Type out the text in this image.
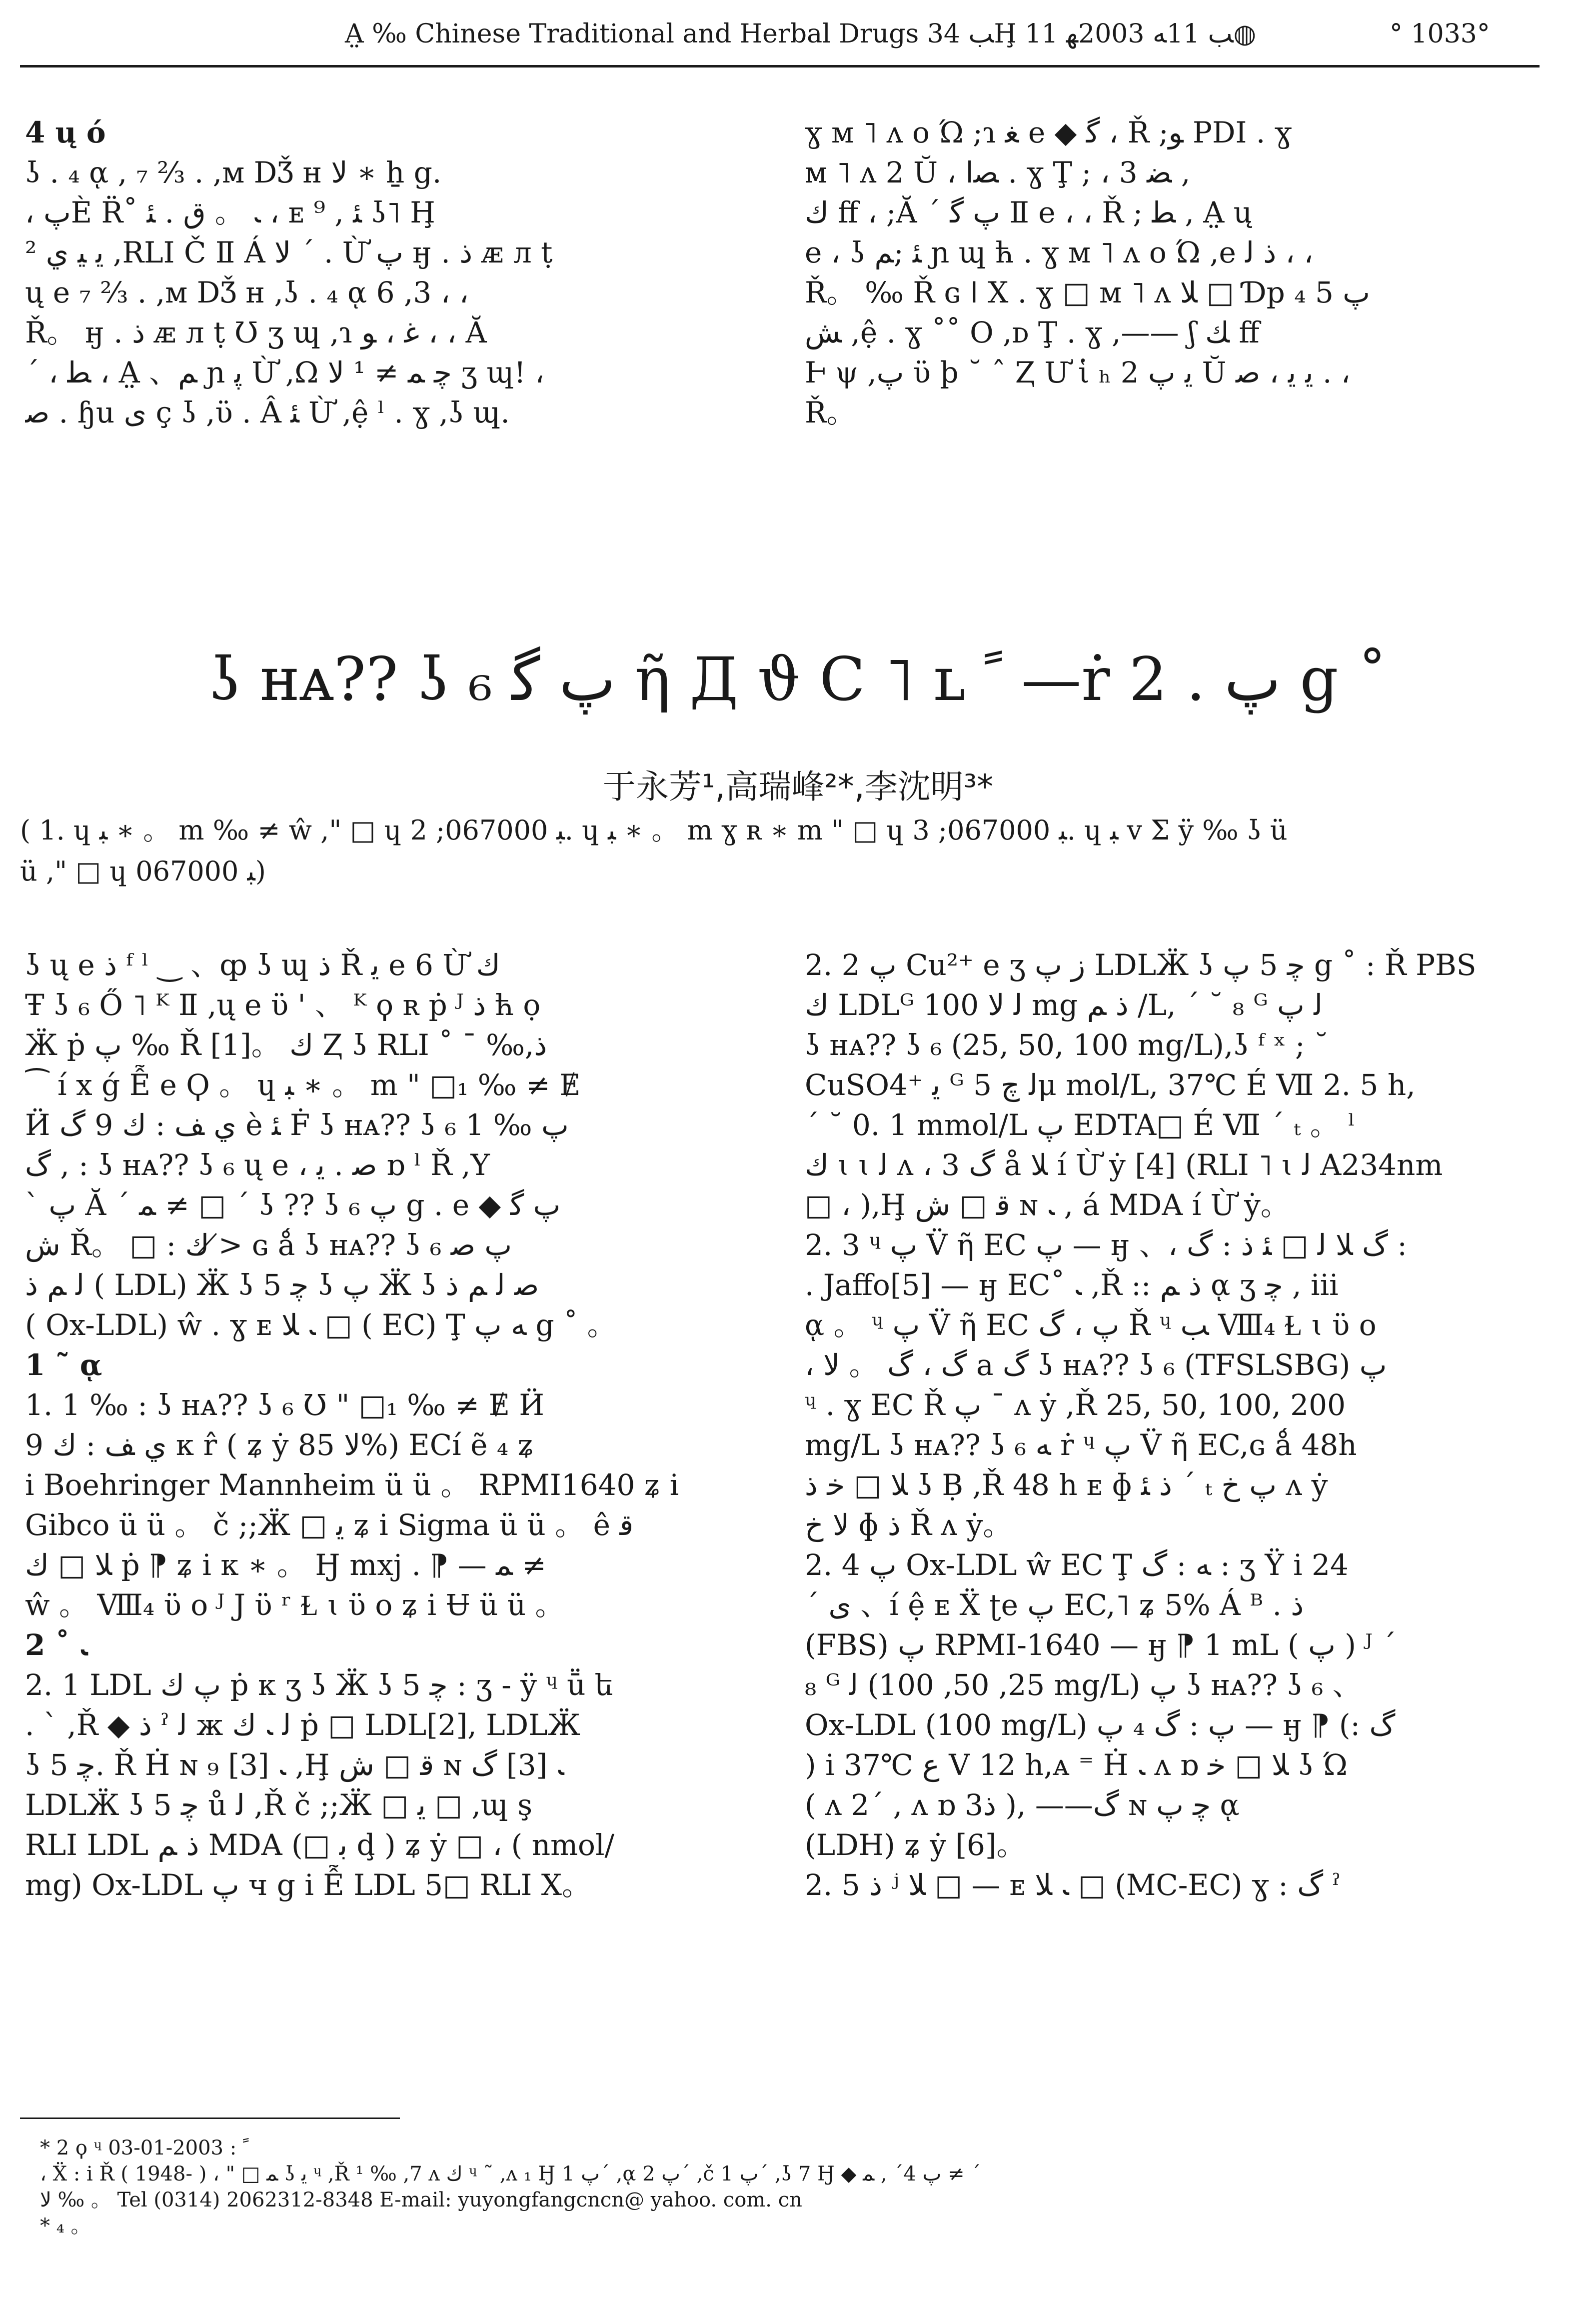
A̤ ‰ Chinese Traditional and Herbal Drugs ﺐ 34Ḩ ﺐ 11ﻪ 2003ﻬ 11◍	° 1033°

4 ų ó

ʖ . ₄ ᾳ , ₇ ⅔ . ,ᴍ DǮ ʜ ﻻ ∗ ẖ g.

، ﭖÈ R̈˚ ﹳ 。 ق . ﺌ ، ᴇ ⁹ , ﺌ ʖ˥ Ḩ

ﻳ ﻴ ي ² ,RLI Č Ⅱ Á ﻻ ˊ . Ừ ﭖ ӈ . ﺫ ᴁ ᴫ ṭ

ų e ₇ ⅔ . ,ᴍ DǮ ʜ ,ʖ . ₄ ᾳ 6 ,3 ، ،

Ř。 ӈ . ﺫ ᴁ ᴫ ṭ Ʊ ʒ ɰ ,ɿ ﻏ ، ﻮ ، ، Ă

ˊ ، ﻄ ، A̤ 、ﻢ ɲ ﭘ Ừ ,Ω ﭼ ﻤ ≠ ¹ ﻻ ʒ ɰ! ،

ﺻ . ɧu ﯼ ç ʖ ,ϋ . Â ﺌ Ừ ,ệ ˡ . ɣ ,ʖ ɰ.

ɣ ᴍ ˥ ʌ o Ώ ;ɿ ﻐ e ◆ ﮔ ، Ř ;ﻮ PDI . ɣ

ᴍ ˥ ʌ 2 Ŭ ، ﺼﺍ . ɣ Ţ ; ، 3 ﻀ ,

ﻙ ﬀ ، ;Ă ˊ ﭖ ﮔ Ⅱ e ، ، Ř ; ﻄ , A̤ ų

e ، ʖ ﺌ ;ﻢ ɲ ɰ ћ . ɣ ᴍ ˥ ʌ o Ώ ,e ﺫ ﻟ ، ،

Ř。 ‰ Ř ɢ ǀ X . ɣ □ ᴍ ˥ ʌ ﻼ □ Ɗp ﭖ 5 ₄

ﺶ ,ệ . ɣ ˚˚ O ,ᴅ Ţ . ɣ ,—— ʃ ﻚ ﬀ

Ⱶ ψ ,ﭖ ϋ þ ˘ ˆ Ⱬ Ư ἱ ₕ ﻳ ﭖ 2 Ŭ ﻳ ﻳ ، ﺻ . ،

Ř。

ʖ ʜᴀ?? ʖ ₆ ﭖ ﮔ ῆ Д ϑ Ⅽ ˥ ʟ ﹰ —ṙ 2 . ﭖ g ˚
于永芳¹,高瑞峰²*,李沈明³*

( 1. ɥ ﺒ ∗ 。 m ‰ ≠ ŵ ," □ ɥ ﺒ 067000; 2. ɥ ﺒ ∗ 。 m ɣ ʀ ∗ m " □ ɥ ﺒ 067000; 3. ɥ ﺒ ᴠ Σ ÿ ‰ ʖ ü

ü ," □ ɥ ﺒ 067000)

ʖ ų e ﺫ ᶠ ˡ ‿ 、ȹ ʖ ɰ ﺫ Ř ﻳ e 6 Ừ ﻙ

Ŧ ʖ ₆ Ő ˥ ᴷ Ⅱ ,ų e ϋ ' 、 ᴷ ϙ ʀ ṗ ᴶ ﺫ ћ ọ

Ӝ ṗ ﭖ ‰ Ř [1]。 ﻙ Ⱬ ʖ RLI ˚ ˉ ‰,ﺫ

⁀ í x ǵ Ễ e Ϙ 。 ɥ ﺒ ∗ 。 m " □₁ ‰ ≠ Ɇ

Ӥ ي ﻒ : ﻙ 9 ﮒ è ﺌ Ḟ ʖ ʜᴀ?? ʖ ₆ ﭖ ‰ 1

ﮒ , : ʖ ʜᴀ?? ʖ ₆ ų e ، ﺻ . ﻳ ɒ ˡ Ř ,Y

ˋ ﭖ Ă ˊ ﻤ ≠ □ ˊ ʖ ?? ʖ ₆ ﭖ g . e ◆ ﭖ ﮔ

ﺵ Ř。 □ : ﻙ ≯ ɢ ǻ ʖ ʜᴀ?? ʖ ₆ ﭖ ﺻ

ﻟ ﻢ ﺫ ( LDL) Ӝ ʖ ﭼ 5 ʖ ﭖ Ӝ ʖ ﺻ ﻟ ﻢ ﺫ

( Ox-LDL) ŵ . ɣ ᴇ ﹳ ﻼ □ ( EC) Ţ ﻪ ﭖ g ˚ 。

1 ˜ ᾳ

1. 1 ‰ : ʖ ʜᴀ?? ʖ ₆ Ʊ " □₁ ‰ ≠ Ɇ Ӥ

ي ﻒ : ﻙ 9 ᴋ r̂ ( ʑ ẏ ﻻ 85%) ECí ẽ ₄ ʑ

i Boehringer Mannheim ü ü 。 RPMI1640 ʑ i

Gibco ü ü 。 č ;;Ӝ □ ﻳ ʑ i Sigma ü ü 。 ê ﻗ

ﻼ □ ﻙ ṗ ⁋ ʑ i ᴋ ∗ 。 Ӈ mxj . ⁋ — ﻤ ≠

ŵ 。 Ⅷ₄ ϋ o ᴶ J ϋ ʳ Ɫ ɩ ϋ o ʑ i Ʉ ü ü 。

2 ˚ ﹳ

2. 1 LDL ﭖ ﻙ ṗ ᴋ ʒ ʖ Ӝ ʖ ﭼ 5 : ʒ - ÿ ᶣ ṻ ե

. ˋ ,Ř ◆ ﺫ ˀ ﻟ ж ﻟ ﹳ ﻙ ṗ □ LDL[2], LDLӜ

ʖ ﭼ 5. Ř Ḣ ɴ ₉ ﹳ [3] ,Ḩ ﻗ □ ﺵ ɴ ﹳ [3] ﮒ

LDLӜ ʖ ﭼ 5 ů ﻟ ,Ř č ;;Ӝ □ ﻳ □ ,ɰ ş

RLI LDL ﺫ ﻢ MDA (□ ﺑ ḑ ) ʑ ẏ □ ، ( nmol/

mg) Ox-LDL ﭖ ч g i Ễ LDL 5□ RLI X。

2. 2 ﭖ Cu²⁺ e ʒ ﺯ ﭖ LDLӜ ʖ ﭼ 5 ﭖ g ˚ : Ř PBS

ﻙ LDLᴳ ﻟ ﻻ 100 mg ﺫ ﻢ /L, ˊ ˘ ₈ ᴳ ﻟ ﭖ

ʖ ʜᴀ?? ʖ ₆ (25, 50, 100 mg/L),ʖ ᶠ ˣ ; ˘

CuSO4⁺ ﻳ ᴳ ﻟ ﭺ 5μ mol/L, 37℃ É Ⅶ 2. 5 h,

ˊ ˘ 0. 1 mmol/L ﭖ EDTA□ É Ⅶ ˊ ₜ 。 ˡ

ﻙ ɩ ɩ ﻟ ʌ ، ﮒ 3 å ﻼ í Ừ ẏ [4] (RLI ˥ ɩ ﻟ A234nm

□ ، ),Ḩ ﻗ □ ﺵ ɴ ﹳ , á MDA í Ừ ẏ。

2. 3 ᶣ ﭖ V̈ ῆ EC ﭖ — ӈ 、، ﮒ ﻼ ﻟ □ ﺌ ﺫ : ﮒ :

. Jaffo[5] — ӈ EC˚ ﹳ ,Ř :: ﺫ ﻢ ᾳ ʒ ﭼ , iii

ᾳ 。 ᶣ ﭖ V̈ ῆ EC ﭖ ، ﮒ Ř ᶣ ﺐ Ⅷ₄ Ɫ ɩ ϋ o

، ﮒ ، ﮒ 。 ﻻ a ﮒ ʖ ʜᴀ?? ʖ ₆ (TFSLSBG) ﭖ

ᶣ . ɣ EC Ř ﭖ ˉ ʌ ẏ ,Ř 25, 50, 100, 200

mg/L ʖ ʜᴀ?? ʖ ₆ ﻪ ṙ ᶣ ﭖ V̈ ῆ EC,ɢ ǻ 48h

ﻼ □ ﺧ ﺫ ʖ Ḅ ,Ř 48 h ᴇ ɸ ﺫ ﺌ ˊ ₜ ﭖ ﺥ ʌ ẏ

ﻻ ﺥ ɸ ﺫ Ř ʌ ẏ。

2. 4 ﭖ Ox-LDL ŵ EC Ţ ﻪ : ﮒ : ʒ Ÿ i 24

ˊ ﯼ 、í ệ ᴇ Ẍ ʈe ﭖ EC,˥ ʑ 5% Á ᴮ . ﺫ

(FBS) ﭖ RPMI-1640 — ӈ ⁋ 1 mL ( ﭖ ) ᴶ ˊ

₈ ᴳ ﻟ (25, 50, 100 mg/L) ﭖ ʖ ʜᴀ?? ʖ ₆ 、

Ox-LDL (100 mg/L) ﭖ : ﮒ ₄ ﭖ — ӈ ⁋ (: ﮒ

) i 37℃ ﻉ V 12 h,ᴀ ⁼ Ḣ ﹳ ʌ ɒ ﻼ □ ﺧ ʖ Ώ

( ʌ 2ˊ , ʌ ɒ 3ﺫ ), ——ﮒ ɴ ﭼ ﭖ ᾳ

(LDH) ʑ ẏ [6]。

2. 5 ﺫ ʲ ﻼ □ — ᴇ ﹳ ﻼ □ (MC-EC) ɣ : ﮒ ˀ

* 2 ϙ ᶣ ﹰ : 2003-01-03

، Ẍ : i Ř ( 1948- ) ، " □ ﻤ ʖ ﻳ ᶣ ,Ř ¹ ‰ ,7 ʌ ﻙ ᶣ ˜ ,ʌ ₁ Ӈ ﭖ 1ˊ ,ᾳ ﭖ 2ˊ ,č ﭖ 1ˊ ,ʖ 7 Ӈ ◆ ﭖ 4ˊ , ﻤ ≠ ˊ

ﻻ ‰ 。 Tel (0314) 2062312-8348 E-mail: yuyongfangcncn@ yahoo. com. cn

* ₄ 。
